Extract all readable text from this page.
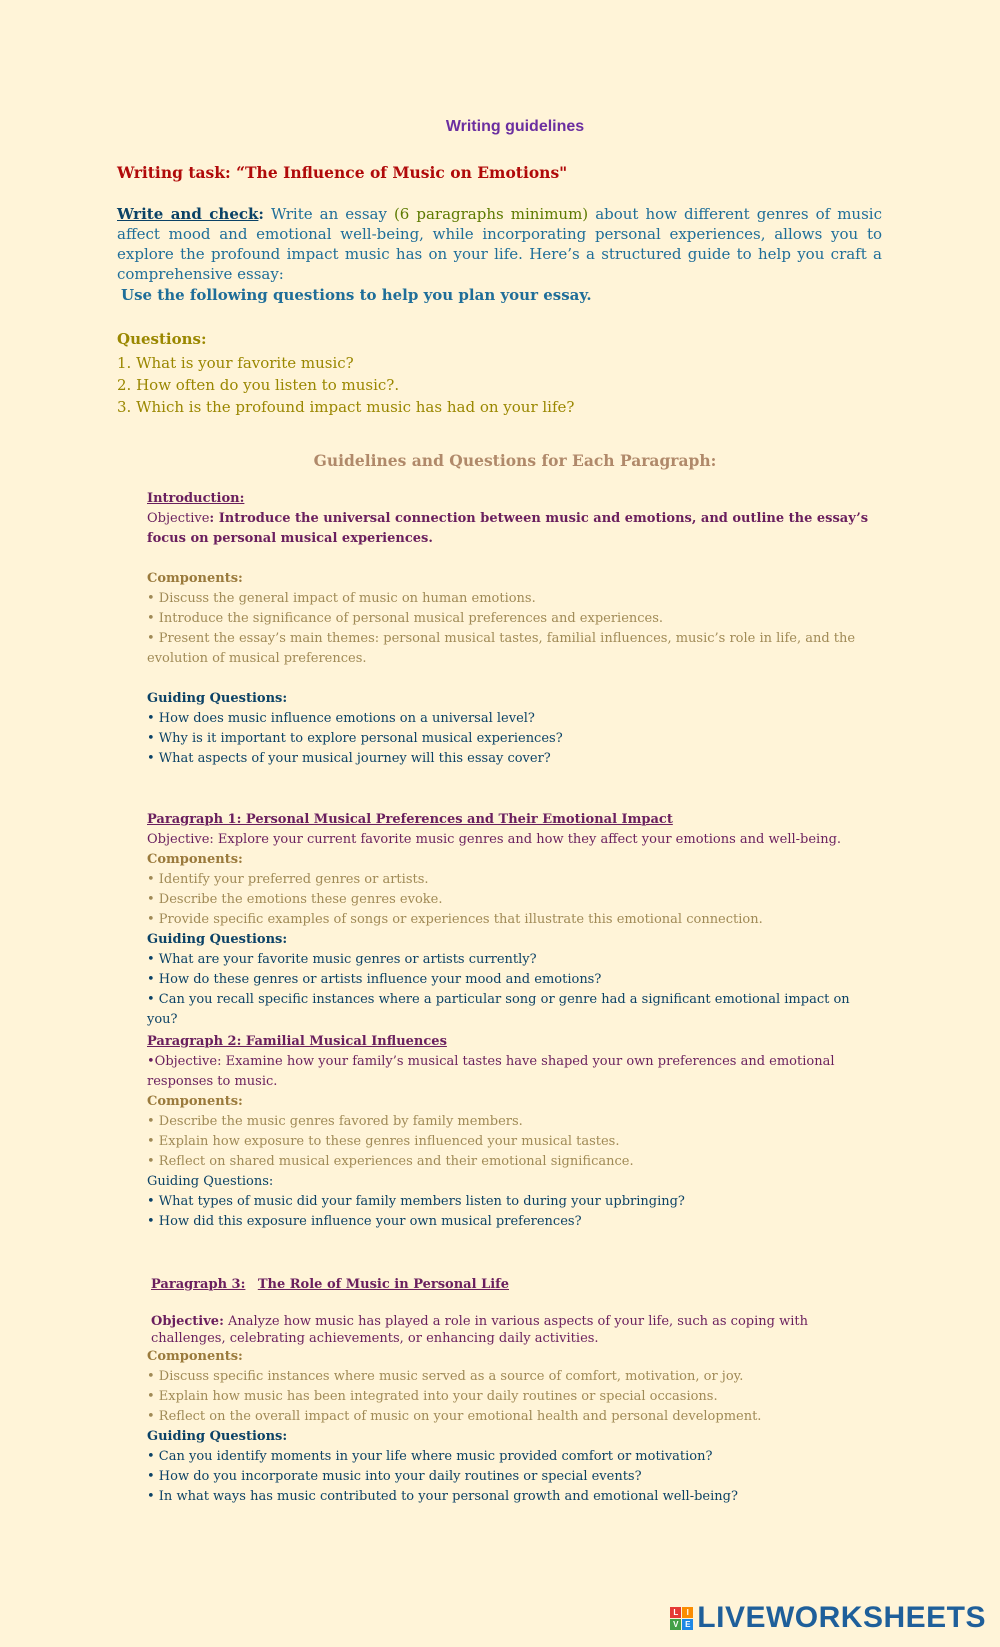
Writing guidelines
Writing task: “The Influence of Music on Emotions"
Write and check: Write an essay (6 paragraphs minimum) about how different genres of music affect mood and emotional well-being, while incorporating personal experiences, allows you to explore the profound impact music has on your life. Here’s a structured guide to help you craft a comprehensive essay:
Use the following questions to help you plan your essay.
Questions:
1. What is your favorite music?
2. How often do you listen to music?.
3. Which is the profound impact music has had on your life?
Guidelines and Questions for Each Paragraph:
Introduction:
Objective: Introduce the universal connection between music and emotions, and outline the essay’s focus on personal musical experiences.
Components:
• Discuss the general impact of music on human emotions.
• Introduce the significance of personal musical preferences and experiences.
• Present the essay’s main themes: personal musical tastes, familial influences, music’s role in life, and the evolution of musical preferences.
Guiding Questions:
• How does music influence emotions on a universal level?
• Why is it important to explore personal musical experiences?
• What aspects of your musical journey will this essay cover?
Paragraph 1: Personal Musical Preferences and Their Emotional Impact
Objective: Explore your current favorite music genres and how they affect your emotions and well-being.
Components:
• Identify your preferred genres or artists.
• Describe the emotions these genres evoke.
• Provide specific examples of songs or experiences that illustrate this emotional connection.
Guiding Questions:
• What are your favorite music genres or artists currently?
• How do these genres or artists influence your mood and emotions?
• Can you recall specific instances where a particular song or genre had a significant emotional impact on you?
Paragraph 2: Familial Musical Influences
•Objective: Examine how your family’s musical tastes have shaped your own preferences and emotional responses to music.
Components:
• Describe the music genres favored by family members.
• Explain how exposure to these genres influenced your musical tastes.
• Reflect on shared musical experiences and their emotional significance.
Guiding Questions:
• What types of music did your family members listen to during your upbringing?
• How did this exposure influence your own musical preferences?
Paragraph 3: The Role of Music in Personal Life
Objective: Analyze how music has played a role in various aspects of your life, such as coping with challenges, celebrating achievements, or enhancing daily activities.
Components:
• Discuss specific instances where music served as a source of comfort, motivation, or joy.
• Explain how music has been integrated into your daily routines or special occasions.
• Reflect on the overall impact of music on your emotional health and personal development.
Guiding Questions:
• Can you identify moments in your life where music provided comfort or motivation?
• How do you incorporate music into your daily routines or special events?
• In what ways has music contributed to your personal growth and emotional well-being?
L	I
V E LIVEWORKSHEETS
